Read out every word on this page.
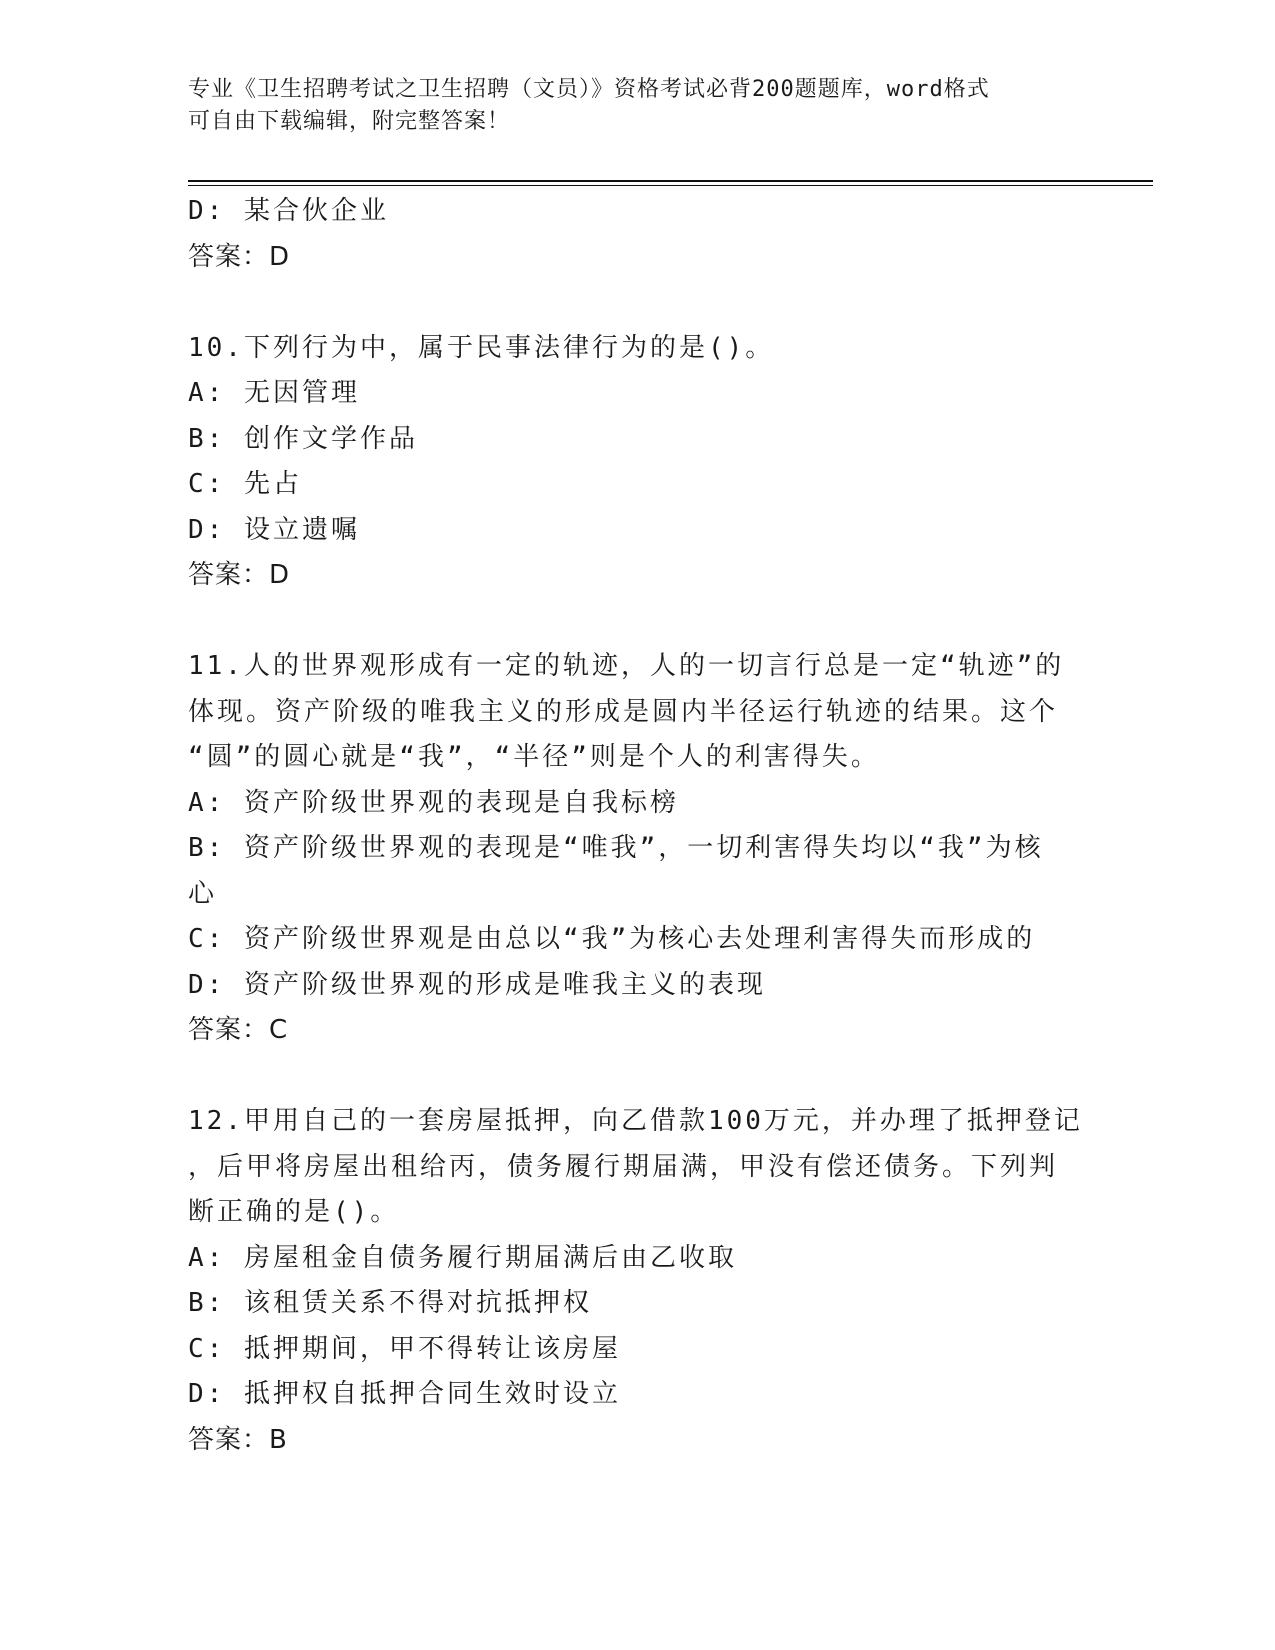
专业《卫生招聘考试之卫生招聘（文员）》资格考试必背200题题库，word格式
可自由下载编辑，附完整答案！
D: 某合伙企业
答案：D
10.下列行为中，属于民事法律行为的是()。
A: 无因管理
B: 创作文学作品
C: 先占
D: 设立遗嘱
答案：D
11.人的世界观形成有一定的轨迹，人的一切言行总是一定“轨迹”的
体现。资产阶级的唯我主义的形成是圆内半径运行轨迹的结果。这个
“圆”的圆心就是“我”，“半径”则是个人的利害得失。
A: 资产阶级世界观的表现是自我标榜
B: 资产阶级世界观的表现是“唯我”，一切利害得失均以“我”为核
心
C: 资产阶级世界观是由总以“我”为核心去处理利害得失而形成的
D: 资产阶级世界观的形成是唯我主义的表现
答案：C
12.甲用自己的一套房屋抵押，向乙借款100万元，并办理了抵押登记
，后甲将房屋出租给丙，债务履行期届满，甲没有偿还债务。下列判
断正确的是()。
A: 房屋租金自债务履行期届满后由乙收取
B: 该租赁关系不得对抗抵押权
C: 抵押期间，甲不得转让该房屋
D: 抵押权自抵押合同生效时设立
答案：B
